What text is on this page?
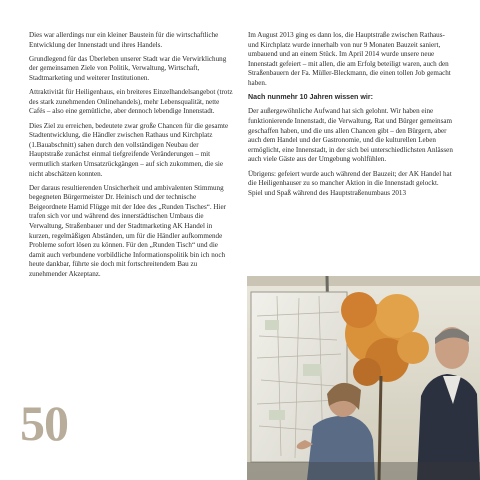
Dies war allerdings nur ein kleiner Baustein für die wirtschaftliche Entwicklung der Innenstadt und ihres Handels.

Grundlegend für das Überleben unserer Stadt war die Verwirklichung der gemeinsamen Ziele von Politik, Verwaltung, Wirtschaft, Stadtmarketing und weiterer Institutionen.

Attraktivität für Heiligenhaus, ein breiteres Einzelhandelsangebot (trotz des stark zunehmenden Onlinehandels), mehr Lebensqualität, nette Cafés – also eine gemütliche, aber dennoch lebendige Innenstadt.

Dies Ziel zu erreichen, bedeutete zwar große Chancen für die gesamte Stadtentwicklung, die Händler zwischen Rathaus und Kirchplatz (1.Bauabschnitt) sahen durch den vollständigen Neubau der Hauptstraße zunächst einmal tiefgreifende Veränderungen – mit vermutlich starken Umsatzrückgängen – auf sich zukommen, die sie nicht abschätzen konnten.

Der daraus resultierenden Unsicherheit und ambivalenten Stimmung begegneten Bürgermeister Dr. Heinisch und der technische Beigeordnete Hamid Flügge mit der Idee des „Runden Tisches“. Hier trafen sich vor und während des innerstädtischen Umbaus die Verwaltung, Straßenbauer und der Stadtmarketing AK Handel in kurzen, regelmäßigen Abständen, um für die Händler aufkommende Probleme sofort lösen zu können. Für den „Runden Tisch“ und die damit auch verbundene vorbildliche Informationspolitik bin ich noch heute dankbar, führte sie doch mit fortschreitendem Bau zu zunehmender Akzeptanz.

Im August 2013 ging es dann los, die Hauptstraße zwischen Rathaus- und Kirchplatz wurde innerhalb von nur 9 Monaten Bauzeit saniert, umbauend und an einem Stück. Im April 2014 wurde unsere neue Innenstadt gefeiert – mit allen, die am Erfolg beteiligt waren, auch den Straßenbauern der Fa. Müller-Bleckmann, die einen tollen Job gemacht haben.

Nach nunmehr 10 Jahren wissen wir:

Der außergewöhnliche Aufwand hat sich gelohnt. Wir haben eine funktionierende Innenstadt, die Verwaltung, Rat und Bürger gemeinsam geschaffen haben, und die uns allen Chancen gibt – den Bürgern, aber auch dem Handel und der Gastronomie, und die kulturellen Leben ermöglicht, eine Innenstadt, in der sich bei unterschiedlichsten Anlässen auch viele Gäste aus der Umgebung wohlfühlen.

Übrigens: gefeiert wurde auch während der Bauzeit; der AK Handel hat die Heiligenhauser zu so mancher Aktion in die Innenstadt gelockt. Spiel und Spaß während des Hauptstraßenumbaus 2013

50
